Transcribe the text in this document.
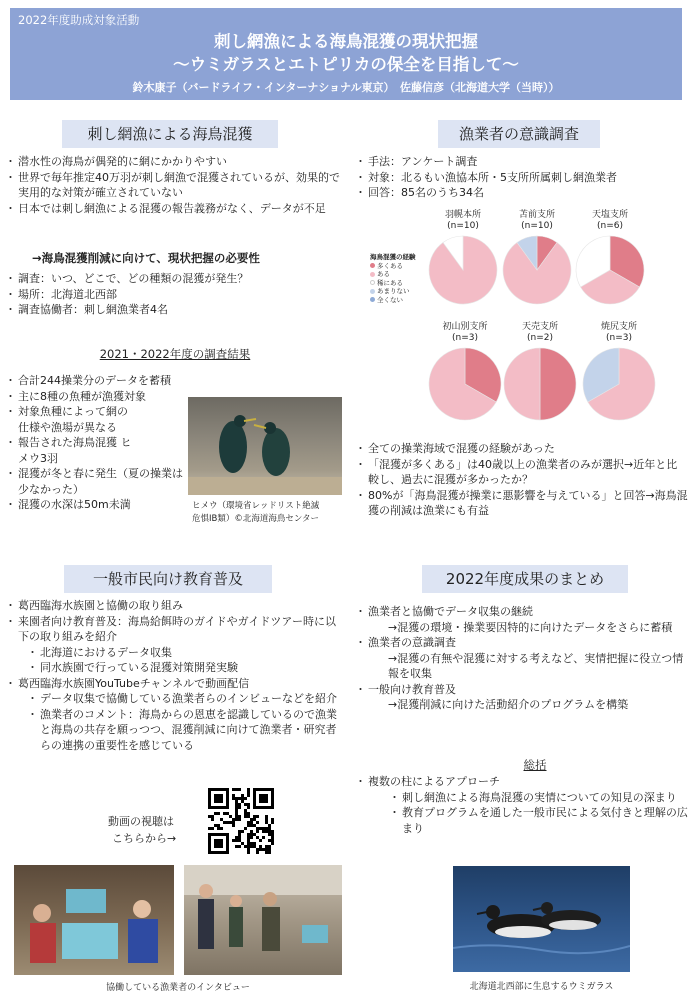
2022年度助成対象活動
刺し網漁による海鳥混獲の現状把握
〜ウミガラスとエトピリカの保全を目指して〜
鈴木康子（バードライフ・インターナショナル東京）　佐藤信彦（北海道大学（当時））
刺し網漁による海鳥混獲
・ 潜水性の海鳥が偶発的に網にかかりやすい
・ 世界で毎年推定40万羽が刺し網漁で混獲されているが、効果的で実用的な対策が確立されていない
・ 日本では刺し網漁による混獲の報告義務がなく、データが不足
→海鳥混獲削減に向けて、現状把握の必要性
・ 調査：いつ、どこで、どの種類の混獲が発生？
・ 場所：北海道北西部
・ 調査協働者：刺し網漁業者4名
2021・2022年度の調査結果
・ 合計244操業分のデータを蓄積
・ 主に8種の魚種が漁獲対象
・ 対象魚種によって網の仕様や漁場が異なる
・ 報告された海鳥混獲 ヒメウ3羽
・ 混獲が冬と春に発生（夏の操業は少なかった）
・ 混獲の水深は50m未満	ヒメウ（環境省レッドリスト絶滅
危惧IB類）©北海道海鳥センター
漁業者の意識調査
・ 手法：アンケート調査
・ 対象：北るもい漁協本所・5支所所属刺し網漁業者
・ 回答：85名のうち34名
海鳥混獲の経験
多くある
ある
稀にある
あまりない
全くない
羽幌本所
(n=10)
苫前支所
(n=10)
天塩支所
(n=6)
初山別支所
(n=3)
天売支所
(n=2)
焼尻支所
(n=3)
・ 全ての操業海域で混獲の経験があった
・ 「混獲が多くある」は40歳以上の漁業者のみが選択→近年と比較し、過去に混獲が多かったか？
・ 80%が「海鳥混獲が操業に悪影響を与えている」と回答→海鳥混獲の削減は漁業にも有益
一般市民向け教育普及
・ 葛西臨海水族園と協働の取り組み
・ 来園者向け教育普及：海鳥給餌時のガイドやガイドツアー時に以下の取り組みを紹介
・ 北海道におけるデータ収集
・ 同水族園で行っている混獲対策開発実験
・ 葛西臨海水族園YouTubeチャンネルで動画配信
・ データ収集で協働している漁業者らのインビューなどを紹介
・ 漁業者のコメント：海鳥からの恩恵を認識しているので漁業と海鳥の共存を願っつつ、混獲削減に向けて漁業者・研究者らの連携の重要性を感じている
動画の視聴は
こちらから→
協働している漁業者のインタビュー
2022年度成果のまとめ
・ 漁業者と協働でデータ収集の継続
→混獲の環境・操業要因特的に向けたデータをさらに蓄積
・ 漁業者の意識調査
→混獲の有無や混獲に対する考えなど、実情把握に役立つ情報を収集
・ 一般向け教育普及
→混獲削減に向けた活動紹介のプログラムを構築
総括
・ 複数の柱によるアプローチ
・ 刺し網漁による海鳥混獲の実情についての知見の深まり
・ 教育プログラムを通した一般市民による気付きと理解の広まり
北海道北西部に生息するウミガラス
